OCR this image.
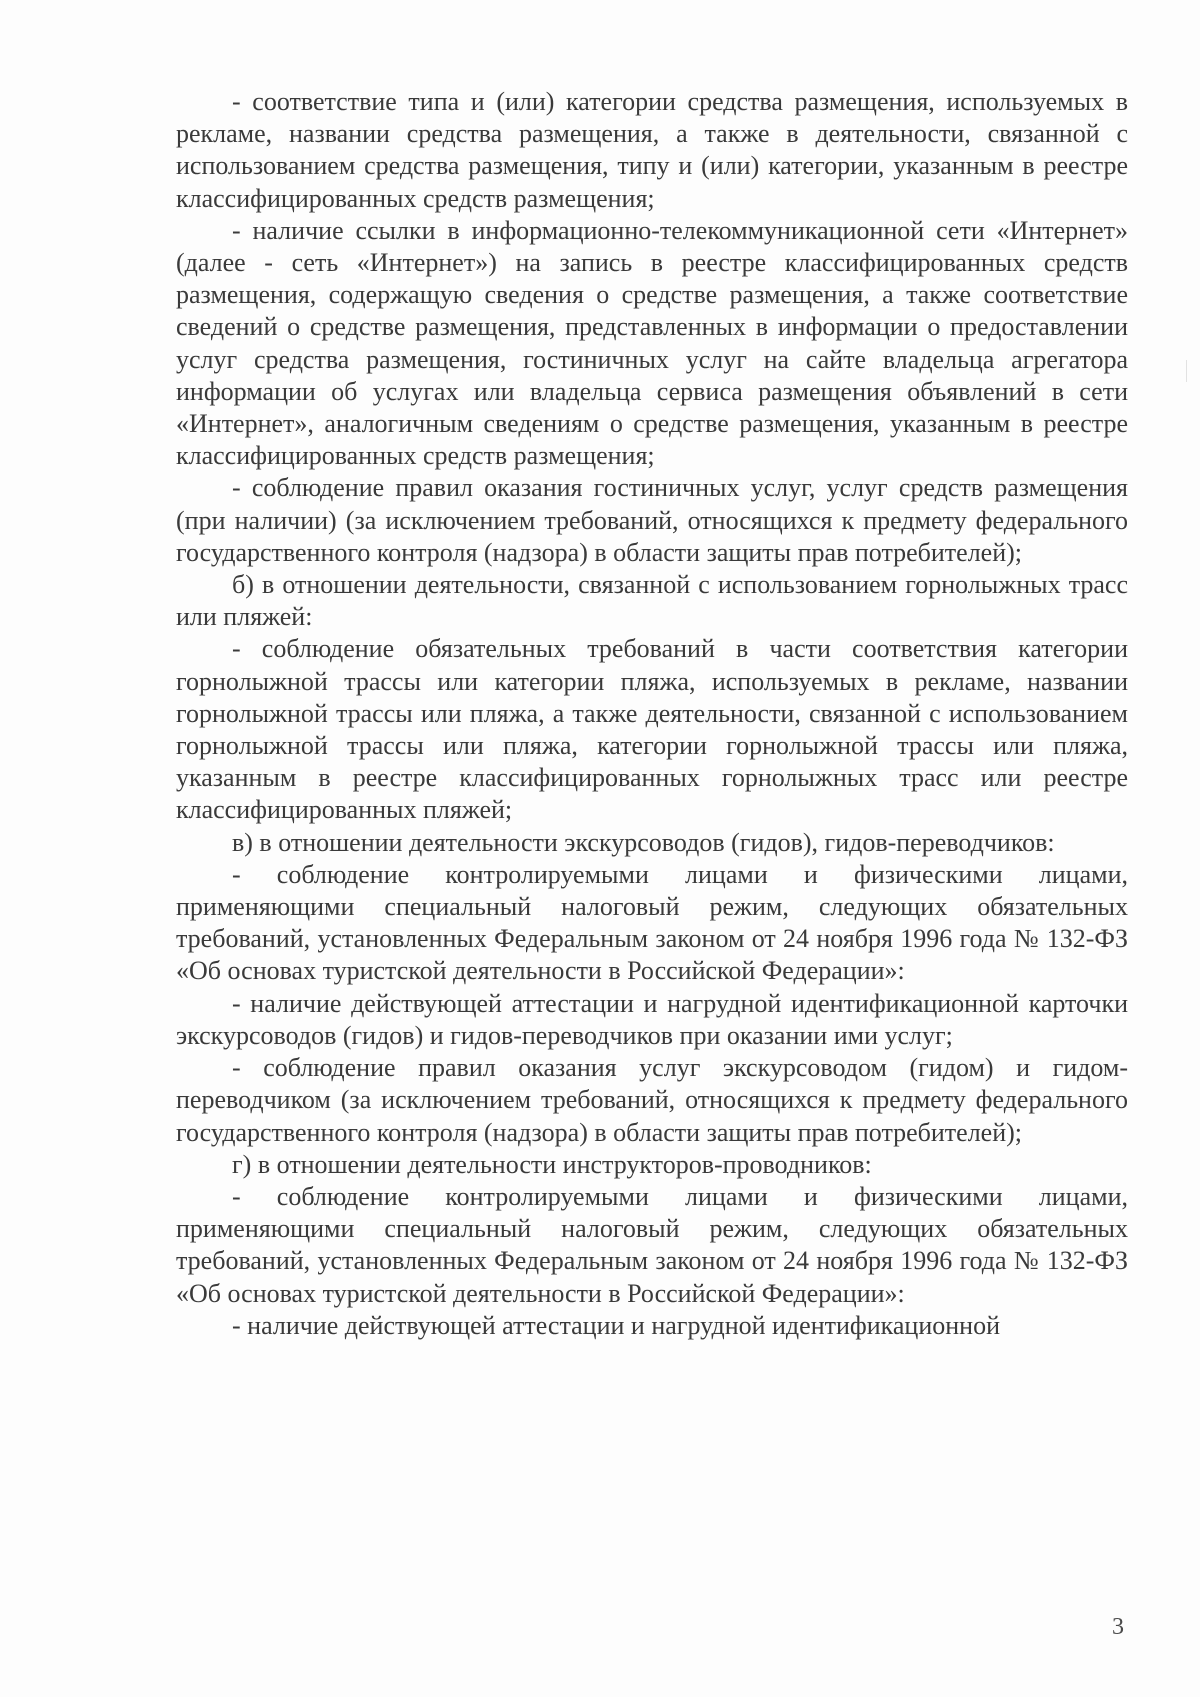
- соответствие типа и (или) категории средства размещения, используемых в рекламе, названии средства размещения, а также в деятельности, связанной с использованием средства размещения, типу и (или) категории, указанным в реестре классифицированных средств размещения;

- наличие ссылки в информационно-телекоммуникационной сети «Интернет» (далее - сеть «Интернет») на запись в реестре классифицированных средств размещения, содержащую сведения о средстве размещения, а также соответствие сведений о средстве размещения, представленных в информации о предоставлении услуг средства размещения, гостиничных услуг на сайте владельца агрегатора информации об услугах или владельца сервиса размещения объявлений в сети «Интернет», аналогичным сведениям о средстве размещения, указанным в реестре классифицированных средств размещения;

- соблюдение правил оказания гостиничных услуг, услуг средств размещения (при наличии) (за исключением требований, относящихся к предмету федерального государственного контроля (надзора) в области защиты прав потребителей);

б) в отношении деятельности, связанной с использованием горнолыжных трасс или пляжей:

- соблюдение обязательных требований в части соответствия категории горнолыжной трассы или категории пляжа, используемых в рекламе, названии горнолыжной трассы или пляжа, а также деятельности, связанной с использованием горнолыжной трассы или пляжа, категории горнолыжной трассы или пляжа, указанным в реестре классифицированных горнолыжных трасс или реестре классифицированных пляжей;

в) в отношении деятельности экскурсоводов (гидов), гидов-переводчиков:

- соблюдение контролируемыми лицами и физическими лицами, применяющими специальный налоговый режим, следующих обязательных требований, установленных Федеральным законом от 24 ноября 1996 года № 132-ФЗ «Об основах туристской деятельности в Российской Федерации»:

- наличие действующей аттестации и нагрудной идентификационной карточки экскурсоводов (гидов) и гидов-переводчиков при оказании ими услуг;

- соблюдение правил оказания услуг экскурсоводом (гидом) и гидом-переводчиком (за исключением требований, относящихся к предмету федерального государственного контроля (надзора) в области защиты прав потребителей);

г) в отношении деятельности инструкторов-проводников:

- соблюдение контролируемыми лицами и физическими лицами, применяющими специальный налоговый режим, следующих обязательных требований, установленных Федеральным законом от 24 ноября 1996 года № 132-ФЗ «Об основах туристской деятельности в Российской Федерации»:

- наличие действующей аттестации и нагрудной идентификационной

3
